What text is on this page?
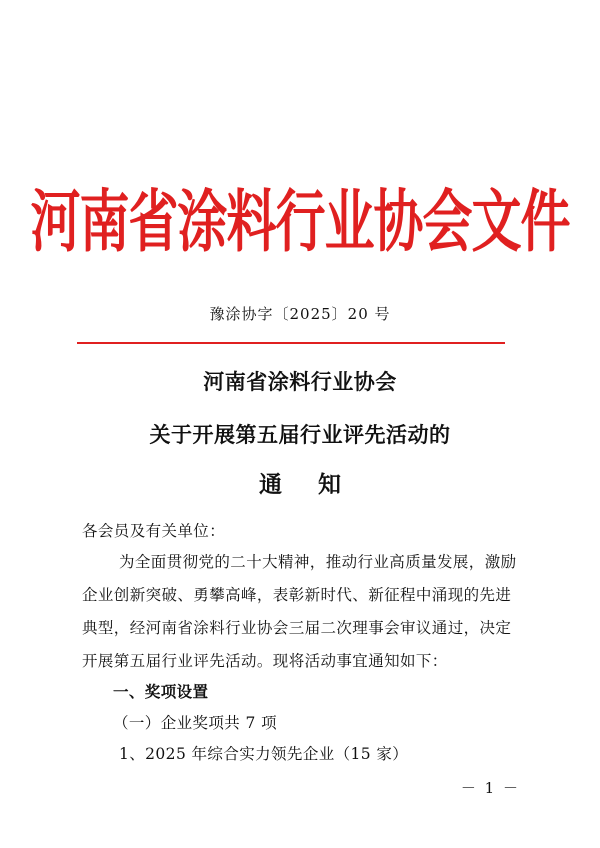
河南省涂料行业协会文件
豫涂协字〔2025〕20 号
河南省涂料行业协会
关于开展第五届行业评先活动的
通 知
各会员及有关单位：
为全面贯彻党的二十大精神，推动行业高质量发展，激励
企业创新突破、勇攀高峰，表彰新时代、新征程中涌现的先进
典型，经河南省涂料行业协会三届二次理事会审议通过，决定
开展第五届行业评先活动。现将活动事宜通知如下：
一、奖项设置
（一）企业奖项共 7 项
1、2025 年综合实力领先企业（15 家）
－ 1 －
